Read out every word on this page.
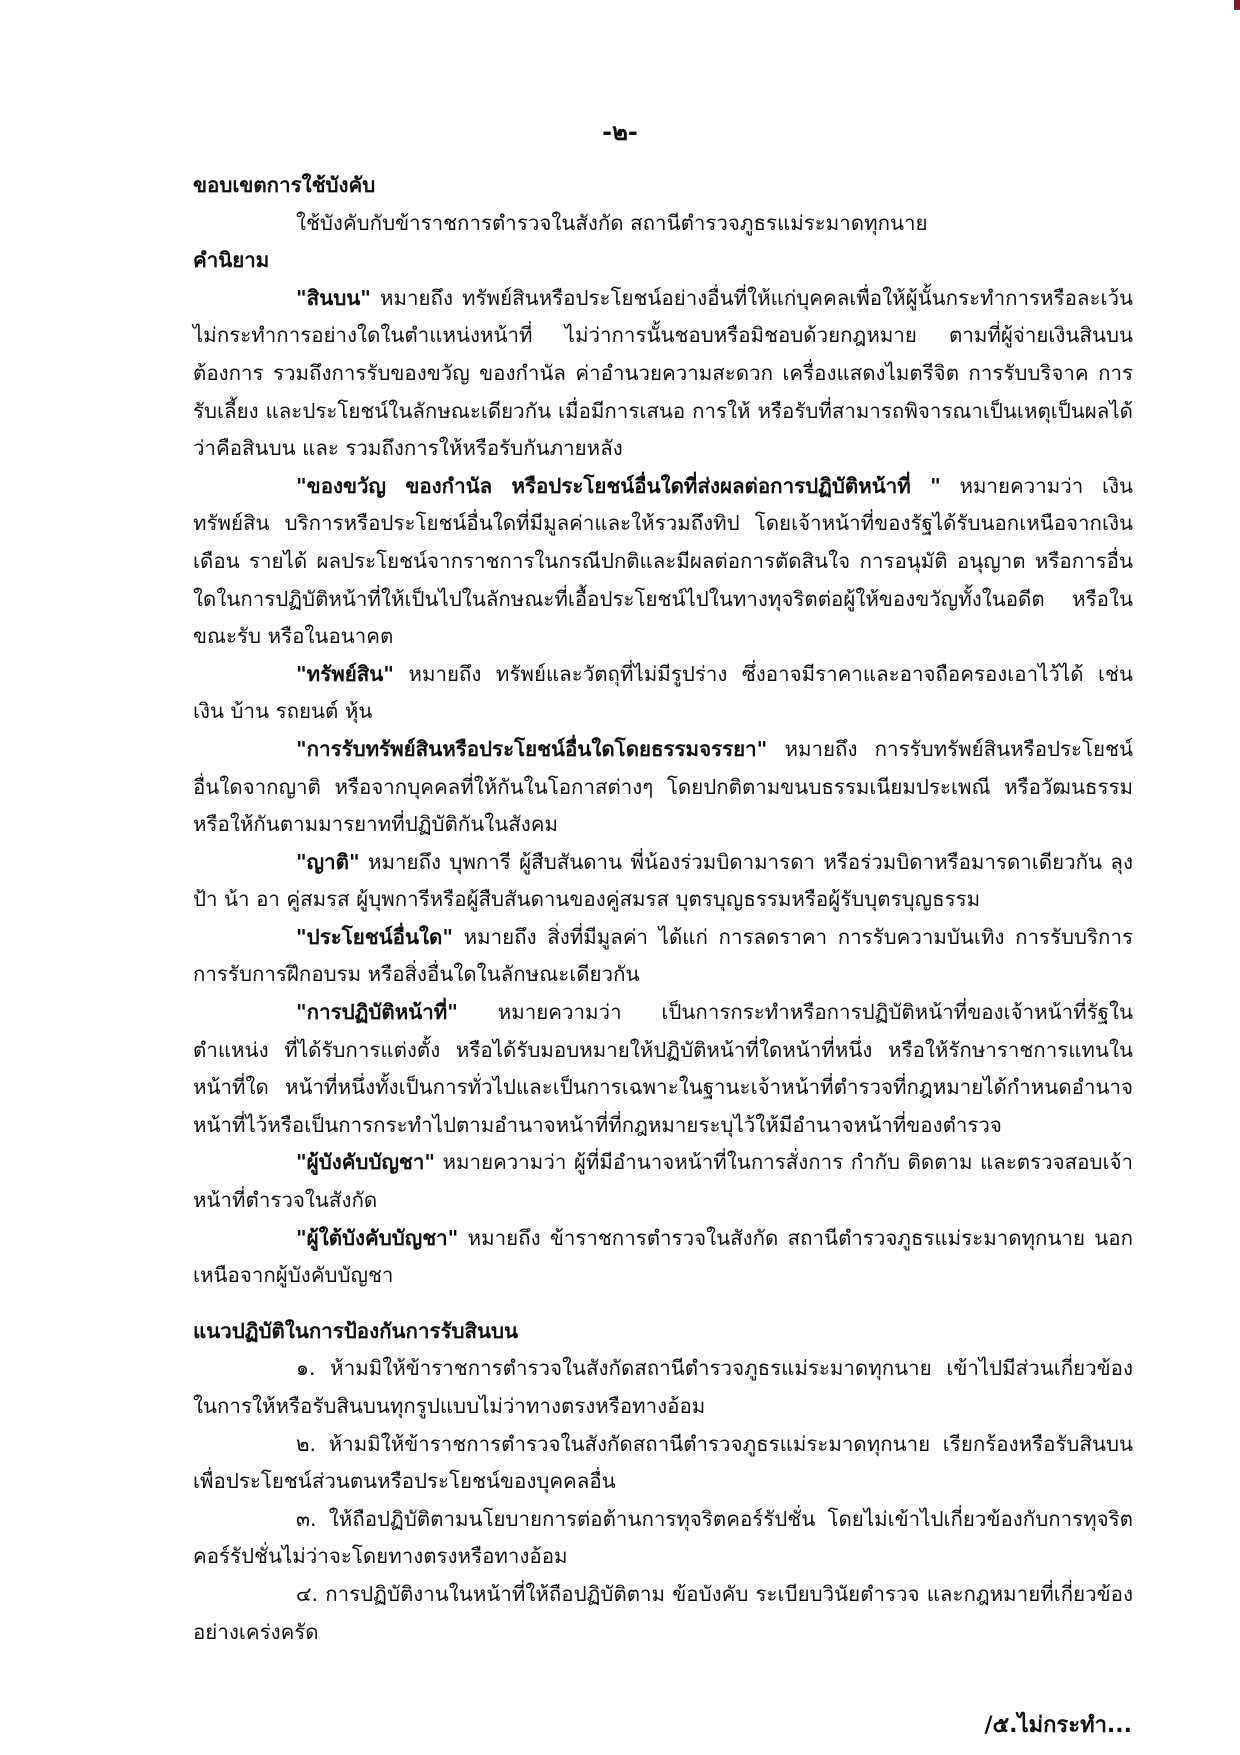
-๒-

ขอบเขตการใช้บังคับ

ใช้บังคับกับข้าราชการตำรวจในสังกัด สถานีตำรวจภูธรแม่ระมาดทุกนาย

คำนิยาม

"สินบน" หมายถึง ทรัพย์สินหรือประโยชน์อย่างอื่นที่ให้แก่บุคคลเพื่อให้ผู้นั้นกระทำการหรือละเว้นไม่กระทำการอย่างใดในตำแหน่งหน้าที่ ไม่ว่าการนั้นชอบหรือมิชอบด้วยกฎหมาย ตามที่ผู้จ่ายเงินสินบนต้องการ รวมถึงการรับของขวัญ ของกำนัล ค่าอำนวยความสะดวก เครื่องแสดงไมตรีจิต การรับบริจาค การรับเลี้ยง และประโยชน์ในลักษณะเดียวกัน เมื่อมีการเสนอ การให้ หรือรับที่สามารถพิจารณาเป็นเหตุเป็นผลได้ว่าคือสินบน และ รวมถึงการให้หรือรับกันภายหลัง

"ของขวัญ ของกำนัล หรือประโยชน์อื่นใดที่ส่งผลต่อการปฏิบัติหน้าที่ " หมายความว่า เงินทรัพย์สิน บริการหรือประโยชน์อื่นใดที่มีมูลค่าและให้รวมถึงทิป โดยเจ้าหน้าที่ของรัฐได้รับนอกเหนือจากเงินเดือน รายได้ ผลประโยชน์จากราชการในกรณีปกติและมีผลต่อการตัดสินใจ การอนุมัติ อนุญาต หรือการอื่นใดในการปฏิบัติหน้าที่ให้เป็นไปในลักษณะที่เอื้อประโยชน์ไปในทางทุจริตต่อผู้ให้ของขวัญทั้งในอดีต หรือในขณะรับ หรือในอนาคต

"ทรัพย์สิน" หมายถึง ทรัพย์และวัตถุที่ไม่มีรูปร่าง ซึ่งอาจมีราคาและอาจถือครองเอาไว้ได้ เช่น เงิน บ้าน รถยนต์ หุ้น

"การรับทรัพย์สินหรือประโยชน์อื่นใดโดยธรรมจรรยา" หมายถึง การรับทรัพย์สินหรือประโยชน์อื่นใดจากญาติ หรือจากบุคคลที่ให้กันในโอกาสต่างๆ โดยปกติตามขนบธรรมเนียมประเพณี หรือวัฒนธรรม หรือให้กันตามมารยาทที่ปฏิบัติกันในสังคม

"ญาติ" หมายถึง บุพการี ผู้สืบสันดาน พี่น้องร่วมบิดามารดา หรือร่วมบิดาหรือมารดาเดียวกัน ลุงป้า น้า อา คู่สมรส ผู้บุพการีหรือผู้สืบสันดานของคู่สมรส บุตรบุญธรรมหรือผู้รับบุตรบุญธรรม

"ประโยชน์อื่นใด" หมายถึง สิ่งที่มีมูลค่า ได้แก่ การลดราคา การรับความบันเทิง การรับบริการ การรับการฝึกอบรม หรือสิ่งอื่นใดในลักษณะเดียวกัน

"การปฏิบัติหน้าที่" หมายความว่า เป็นการกระทำหรือการปฏิบัติหน้าที่ของเจ้าหน้าที่รัฐในตำแหน่ง ที่ได้รับการแต่งตั้ง หรือได้รับมอบหมายให้ปฏิบัติหน้าที่ใดหน้าที่หนึ่ง หรือให้รักษาราชการแทนในหน้าที่ใด หน้าที่หนึ่งทั้งเป็นการทั่วไปและเป็นการเฉพาะในฐานะเจ้าหน้าที่ตำรวจที่กฎหมายได้กำหนดอำนาจหน้าที่ไว้หรือเป็นการกระทำไปตามอำนาจหน้าที่ที่กฎหมายระบุไว้ให้มีอำนาจหน้าที่ของตำรวจ

"ผู้บังคับบัญชา" หมายความว่า ผู้ที่มีอำนาจหน้าที่ในการสั่งการ กำกับ ติดตาม และตรวจสอบเจ้าหน้าที่ตำรวจในสังกัด

"ผู้ใต้บังคับบัญชา" หมายถึง ข้าราชการตำรวจในสังกัด สถานีตำรวจภูธรแม่ระมาดทุกนาย นอกเหนือจากผู้บังคับบัญชา

แนวปฏิบัติในการป้องกันการรับสินบน

๑. ห้ามมิให้ข้าราชการตำรวจในสังกัดสถานีตำรวจภูธรแม่ระมาดทุกนาย เข้าไปมีส่วนเกี่ยวข้องในการให้หรือรับสินบนทุกรูปแบบไม่ว่าทางตรงหรือทางอ้อม

๒. ห้ามมิให้ข้าราชการตำรวจในสังกัดสถานีตำรวจภูธรแม่ระมาดทุกนาย เรียกร้องหรือรับสินบนเพื่อประโยชน์ส่วนตนหรือประโยชน์ของบุคคลอื่น

๓. ให้ถือปฏิบัติตามนโยบายการต่อต้านการทุจริตคอร์รัปชั่น โดยไม่เข้าไปเกี่ยวข้องกับการทุจริตคอร์รัปชั่นไม่ว่าจะโดยทางตรงหรือทางอ้อม

๔. การปฏิบัติงานในหน้าที่ให้ถือปฏิบัติตาม ข้อบังคับ ระเบียบวินัยตำรวจ และกฎหมายที่เกี่ยวข้องอย่างเคร่งครัด

/๕.ไม่กระทำ...
